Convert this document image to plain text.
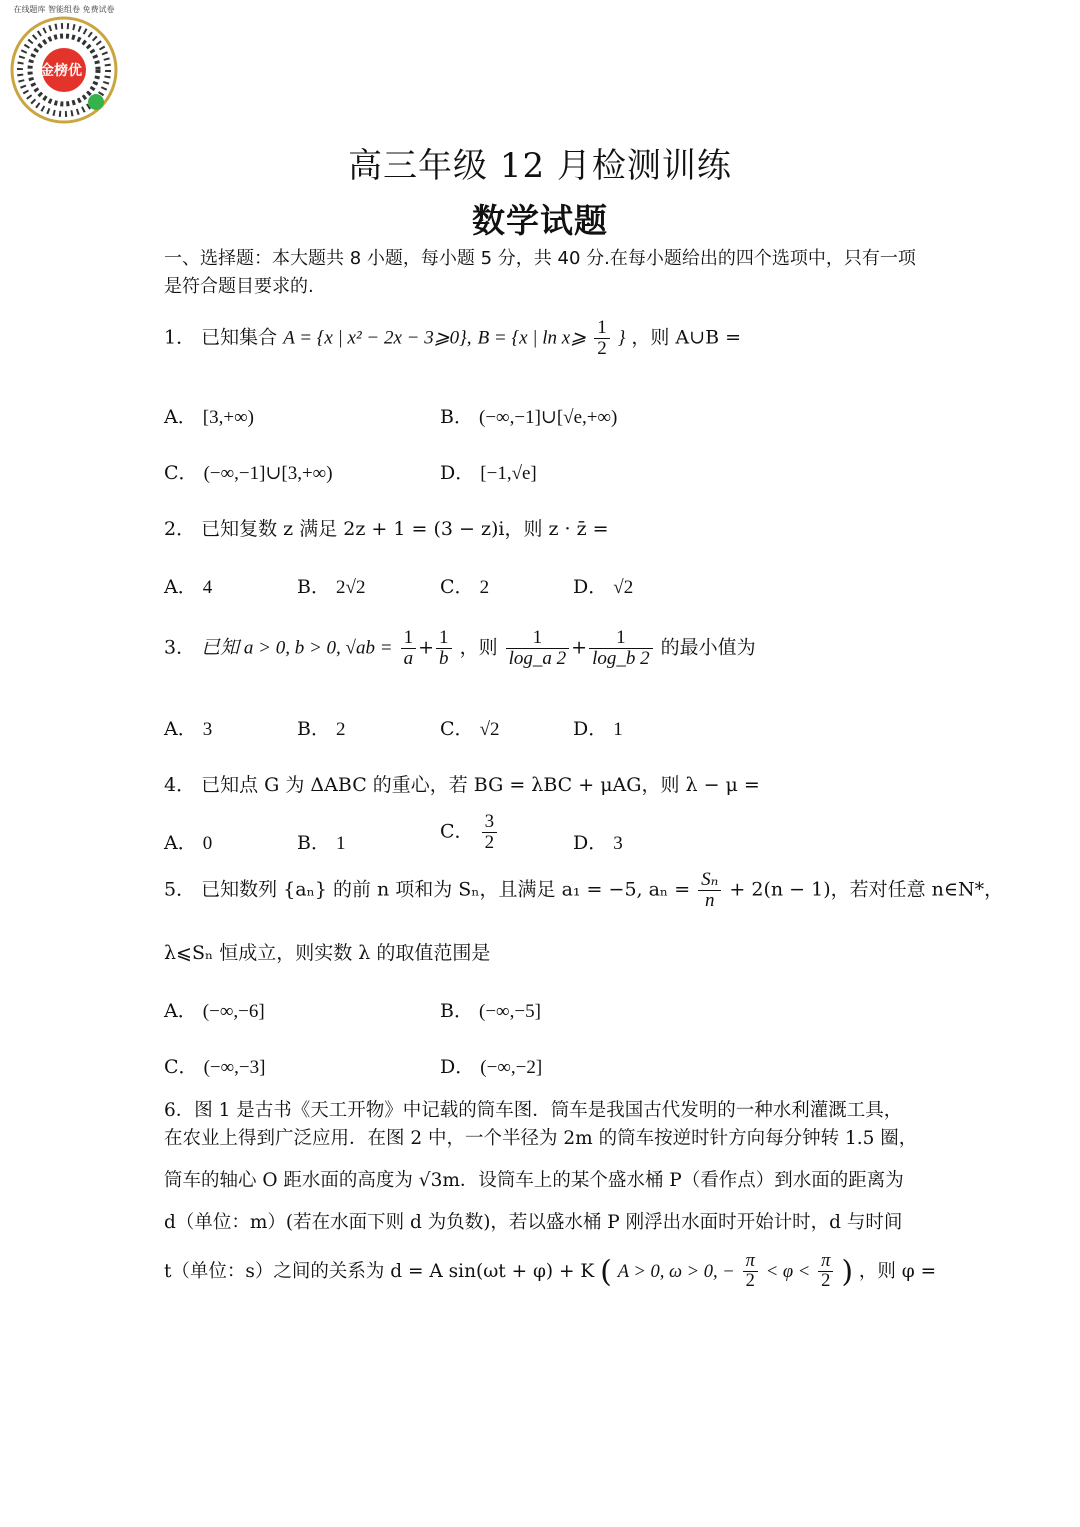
金榜优
在线题库 智能组卷 免费试卷
高三年级 12 月检测训练
数学试题
一、选择题：本大题共 8 小题，每小题 5 分，共 40 分.在每小题给出的四个选项中，只有一项是符合题目要求的.
1． 已知集合 A = {x | x² − 2x − 3⩾0}, B = {x | ln x⩾ $\frac{1}{2}$ } ，则 A∪B =
A． [3,+∞)	B． (−∞,−1]∪[√e,+∞)
C． (−∞,−1]∪[3,+∞)	D． [−1,√e]
2． 已知复数 z 满足 2z + 1 = (3 − z)i，则 z · z̄ =
A． 4	B． 2√2	C． 2	D． √2
3． 已知 a > 0, b > 0, $√ab = \frac{1}{a} + \frac{1}{b}$ ，则 $\frac{1}{\log\_a 2} + \frac{1}{\log\_b 2}$ 的最小值为
A． 3	B． 2	C． √2	D． 1
4． 已知点 G 为 ΔABC 的重心，若 BG = λBC + μAG，则 λ − μ =
A． 0	B． 1
C． $\frac{3}{2}$	D． 3
5． 已知数列 {aₙ} 的前 n 项和为 Sₙ，且满足 a₁ = −5, $a_n = \frac{\text{Sₙ}}{n} + 2(n - 1)$，若对任意 n∈N*，
λ⩽Sₙ 恒成立，则实数 λ 的取值范围是
A． (−∞,−6]	B． (−∞,−5]
C． (−∞,−3]	D． (−∞,−2]
6．图 1 是古书《天工开物》中记载的筒车图．筒车是我国古代发明的一种水利灌溉工具，
在农业上得到广泛应用．在图 2 中，一个半径为 2m 的筒车按逆时针方向每分钟转 1.5 圈，
筒车的轴心 O 距水面的高度为 √3m．设筒车上的某个盛水桶 P（看作点）到水面的距离为
d（单位：m）(若在水面下则 d 为负数)，若以盛水桶 P 刚浮出水面时开始计时，d 与时间
t（单位：s）之间的关系为 d = A sin(ωt + φ) + K ( A > 0, ω > 0, − $\frac{\pi}{2} < \varphi < \frac{\pi}{2}$ ) ，则 φ =
